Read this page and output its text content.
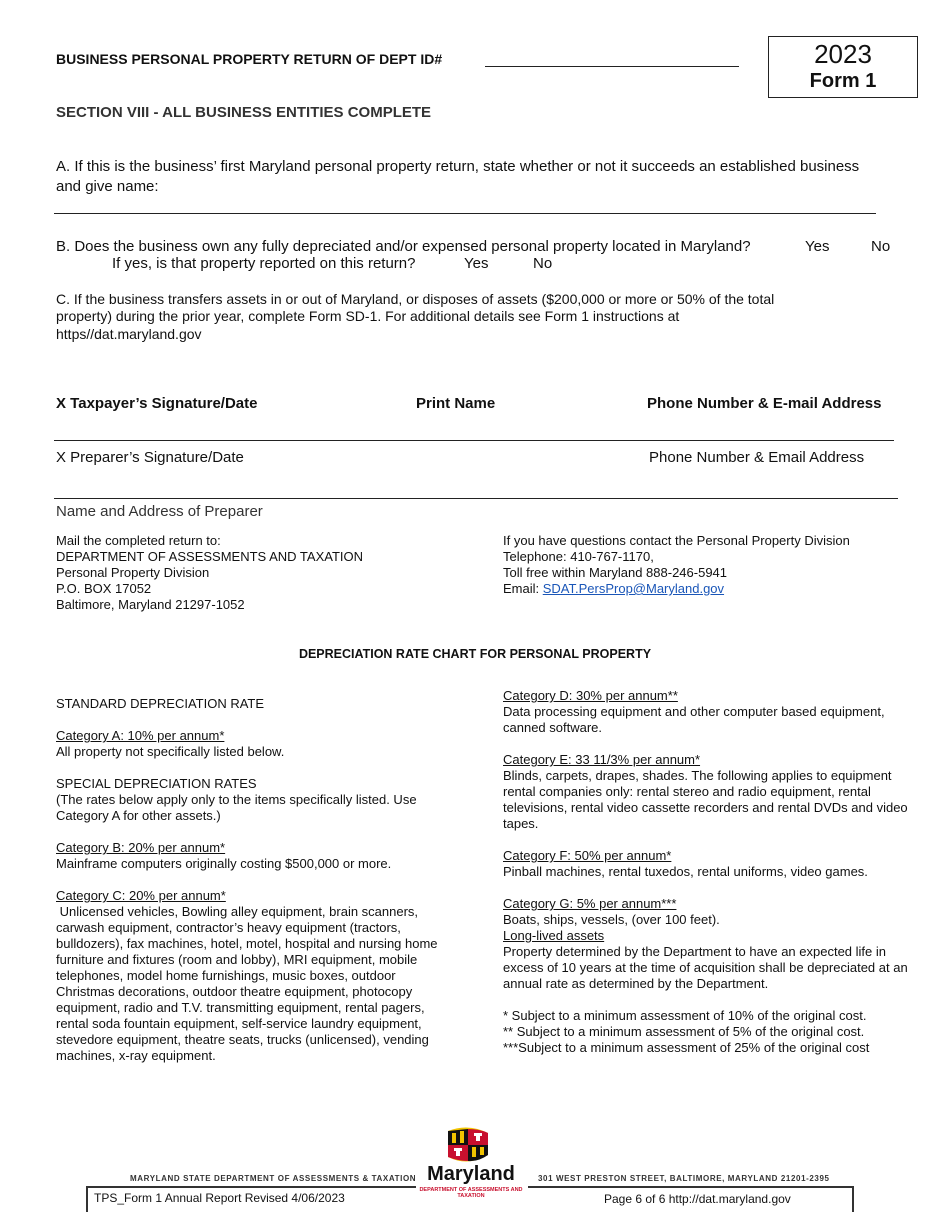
BUSINESS PERSONAL PROPERTY RETURN OF DEPT ID#	2023
Form 1
SECTION VIII - ALL BUSINESS ENTITIES COMPLETE
A. If this is the business’ first Maryland personal property return, state whether or not it succeeds an established business
and give name:
B. Does the business own any fully depreciated and/or expensed personal property located in Maryland?	Yes	No
If yes, is that property reported on this return?	Yes	No
C. If the business transfers assets in or out of Maryland, or disposes of assets ($200,000 or more or 50% of the total
property) during the prior year, complete Form SD-1. For additional details see Form 1 instructions at
https//dat.maryland.gov
X Taxpayer’s Signature/Date	Print Name	Phone Number & E-mail Address
X Preparer’s Signature/Date	Phone Number & Email Address
Name and Address of Preparer
Mail the completed return to:
DEPARTMENT OF ASSESSMENTS AND TAXATION
Personal Property Division
P.O. BOX 17052
Baltimore, Maryland 21297-1052
If you have questions contact the Personal Property Division
Telephone: 410-767-1170,
Toll free within Maryland 888-246-5941
Email: SDAT.PersProp@Maryland.gov
DEPRECIATION RATE CHART FOR PERSONAL PROPERTY

STANDARD DEPRECIATION RATE

Category A: 10% per annum*

All property not specifically listed below.

SPECIAL DEPRECIATION RATES

(The rates below apply only to the items specifically listed. Use Category A for other assets.)

Category B: 20% per annum*

Mainframe computers originally costing $500,000 or more.

Category C: 20% per annum*

Unlicensed vehicles, Bowling alley equipment, brain scanners, carwash equipment, contractor’s heavy equipment (tractors, bulldozers), fax machines, hotel, motel, hospital and nursing home furniture and fixtures (room and lobby), MRI equipment, mobile telephones, model home furnishings, music boxes, outdoor Christmas decorations, outdoor theatre equipment, photocopy equipment, radio and T.V. transmitting equipment, rental pagers, rental soda fountain equipment, self-service laundry equipment, stevedore equipment, theatre seats, trucks (unlicensed), vending machines, x-ray equipment.

Category D: 30% per annum**

Data processing equipment and other computer based equipment, canned software.

Category E: 33 11/3% per annum*

Blinds, carpets, drapes, shades. The following applies to equipment rental companies only: rental stereo and radio equipment, rental televisions, rental video cassette recorders and rental DVDs and video tapes.

Category F: 50% per annum*

Pinball machines, rental tuxedos, rental uniforms, video games.

Category G: 5% per annum***

Boats, ships, vessels, (over 100 feet).

Long-lived assets

Property determined by the Department to have an expected life in excess of 10 years at the time of acquisition shall be depreciated at an annual rate as determined by the Department.

* Subject to a minimum assessment of 10% of the original cost.

** Subject to a minimum assessment of 5% of the original cost.

***Subject to a minimum assessment of 25% of the original cost

MARYLAND STATE DEPARTMENT OF ASSESSMENTS & TAXATION	301 WEST PRESTON STREET, BALTIMORE, MARYLAND 21201-2395
Maryland
DEPARTMENT OF ASSESSMENTS AND TAXATION
TPS_Form 1 Annual Report Revised 4/06/2023	Page 6 of 6 http://dat.maryland.gov
